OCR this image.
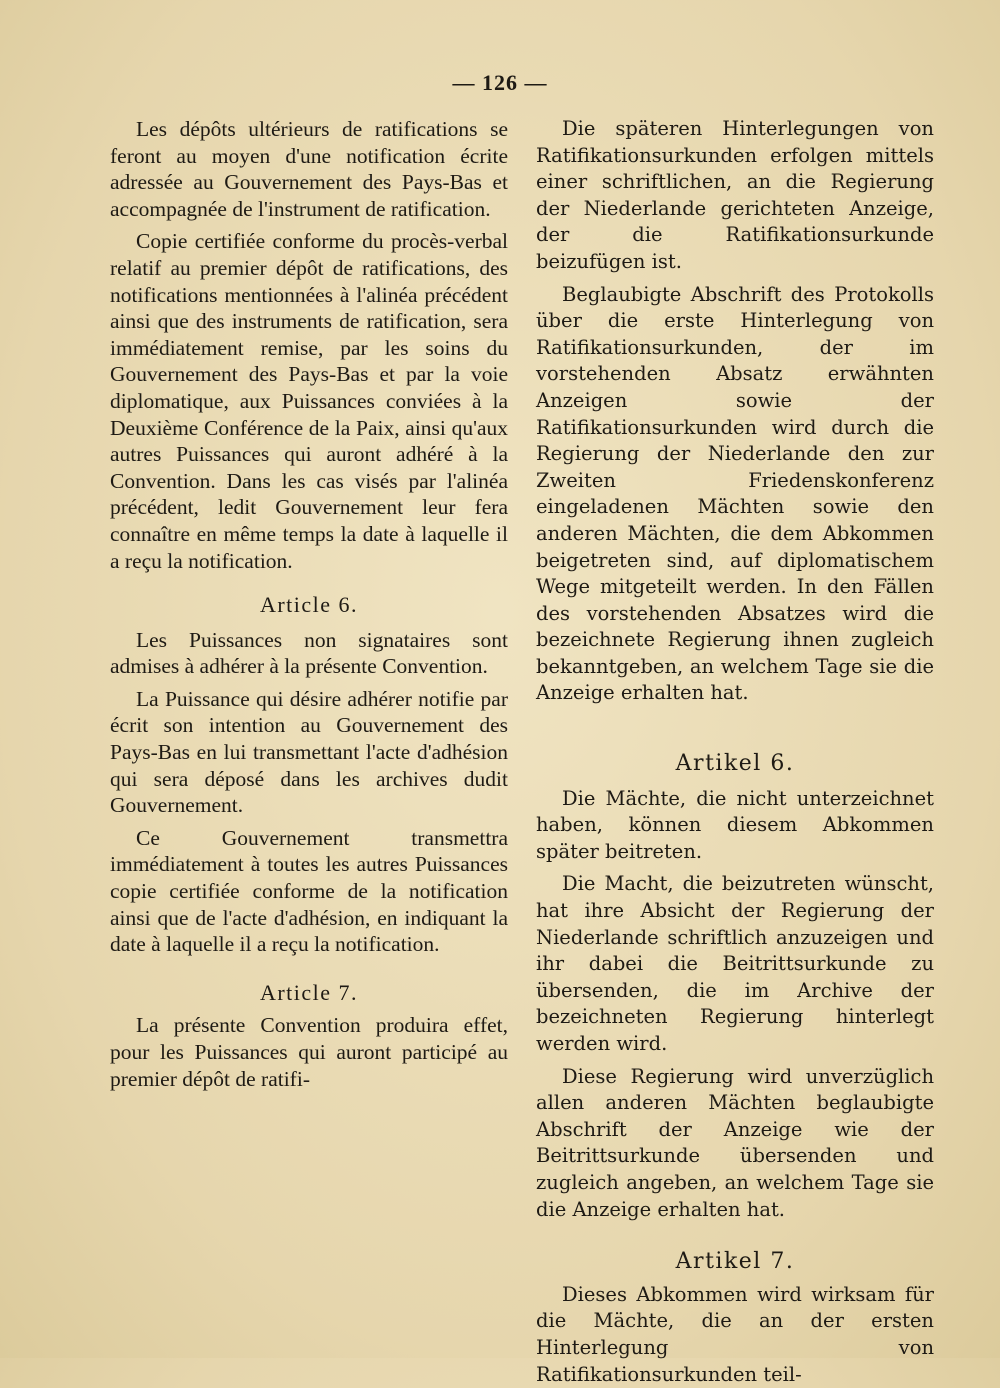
— 126 —

Les dépôts ultérieurs de ratifications se feront au moyen d'une notification écrite adressée au Gouvernement des Pays-Bas et accompagnée de l'instrument de ratification.

Copie certifiée conforme du procès-verbal relatif au premier dépôt de ratifications, des notifications mentionnées à l'alinéa précédent ainsi que des instruments de ratification, sera immédiatement remise, par les soins du Gouvernement des Pays-Bas et par la voie diplomatique, aux Puissances conviées à la Deuxième Conférence de la Paix, ainsi qu'aux autres Puissances qui auront adhéré à la Convention. Dans les cas visés par l'alinéa précédent, ledit Gouvernement leur fera connaître en même temps la date à laquelle il a reçu la notification.

Article 6.

Les Puissances non signataires sont admises à adhérer à la présente Convention.

La Puissance qui désire adhérer notifie par écrit son intention au Gouvernement des Pays-Bas en lui transmettant l'acte d'adhésion qui sera déposé dans les archives dudit Gouvernement.

Ce Gouvernement transmettra immédiatement à toutes les autres Puissances copie certifiée conforme de la notification ainsi que de l'acte d'adhésion, en indiquant la date à laquelle il a reçu la notification.

Article 7.

La présente Convention produira effet, pour les Puissances qui auront participé au premier dépôt de ratifi-

Die späteren Hinterlegungen von Ratifikationsurkunden erfolgen mittels einer schriftlichen, an die Regierung der Niederlande gerichteten Anzeige, der die Ratifikationsurkunde beizufügen ist.

Beglaubigte Abschrift des Protokolls über die erste Hinterlegung von Ratifikationsurkunden, der im vorstehenden Absatz erwähnten Anzeigen sowie der Ratifikationsurkunden wird durch die Regierung der Niederlande den zur Zweiten Friedenskonferenz eingeladenen Mächten sowie den anderen Mächten, die dem Abkommen beigetreten sind, auf diplomatischem Wege mitgeteilt werden. In den Fällen des vorstehenden Absatzes wird die bezeichnete Regierung ihnen zugleich bekanntgeben, an welchem Tage sie die Anzeige erhalten hat.

Artikel 6.

Die Mächte, die nicht unterzeichnet haben, können diesem Abkommen später beitreten.

Die Macht, die beizutreten wünscht, hat ihre Absicht der Regierung der Niederlande schriftlich anzuzeigen und ihr dabei die Beitrittsurkunde zu übersenden, die im Archive der bezeichneten Regierung hinterlegt werden wird.

Diese Regierung wird unverzüglich allen anderen Mächten beglaubigte Abschrift der Anzeige wie der Beitrittsurkunde übersenden und zugleich angeben, an welchem Tage sie die Anzeige erhalten hat.

Artikel 7.

Dieses Abkommen wird wirksam für die Mächte, die an der ersten Hinterlegung von Ratifikationsurkunden teil-
